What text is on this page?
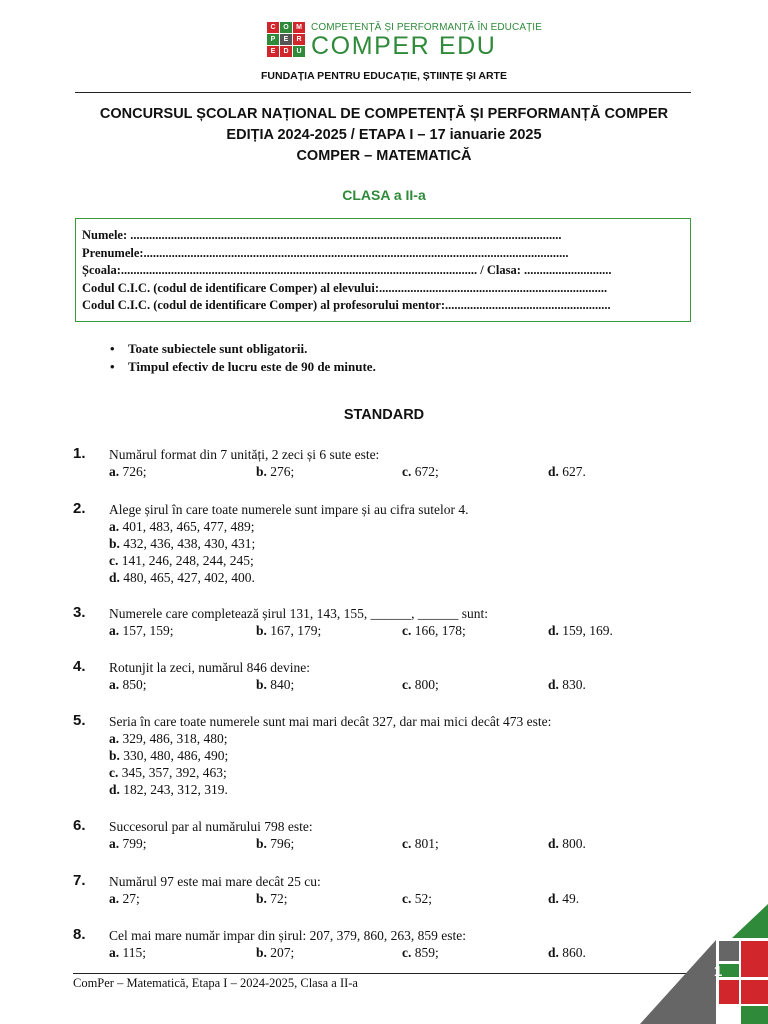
C	O	M
P	E	R
E	D	U
COMPETENȚĂ ȘI PERFORMANȚĂ ÎN EDUCAȚIE
COMPER EDU
FUNDAȚIA PENTRU EDUCAȚIE, ȘTIINȚE ȘI ARTE
CONCURSUL ȘCOLAR NAȚIONAL DE COMPETENȚĂ ȘI PERFORMANȚĂ COMPER
EDIȚIA 2024-2025 / ETAPA I – 17 ianuarie 2025
COMPER – MATEMATICĂ
CLASA a II-a
Numele: ..........................................................................................................................................
Prenumele:........................................................................................................................................
Școala:.................................................................................................................. / Clasa: ............................
Codul C.I.C. (codul de identificare Comper) al elevului:.........................................................................
Codul C.I.C. (codul de identificare Comper) al profesorului mentor:.....................................................
• Toate subiectele sunt obligatorii.
• Timpul efectiv de lucru este de 90 de minute.
STANDARD
1. Numărul format din 7 unități, 2 zeci și 6 sute este:
a. 726;	b. 276;	c. 672;	d. 627.
2. Alege șirul în care toate numerele sunt impare și au cifra sutelor 4.
a. 401, 483, 465, 477, 489;
b. 432, 436, 438, 430, 431;
c. 141, 246, 248, 244, 245;
d. 480, 465, 427, 402, 400.
3. Numerele care completează șirul 131, 143, 155, ______, ______ sunt:
a. 157, 159;	b. 167, 179;	c. 166, 178;	d. 159, 169.
4. Rotunjit la zeci, numărul 846 devine:
a. 850;	b. 840;	c. 800;	d. 830.
5. Seria în care toate numerele sunt mai mari decât 327, dar mai mici decât 473 este:
a. 329, 486, 318, 480;
b. 330, 480, 486, 490;
c. 345, 357, 392, 463;
d. 182, 243, 312, 319.
6. Succesorul par al numărului 798 este:
a. 799;	b. 796;	c. 801;	d. 800.
7. Numărul 97 este mai mare decât 25 cu:
a. 27;	b. 72;	c. 52;	d. 49.
8. Cel mai mare număr impar din șirul: 207, 379, 860, 263, 859 este:
a. 115;	b. 207;	c. 859;	d. 860.
ComPer – Matematică, Etapa I – 2024-2025, Clasa a II-a
1
